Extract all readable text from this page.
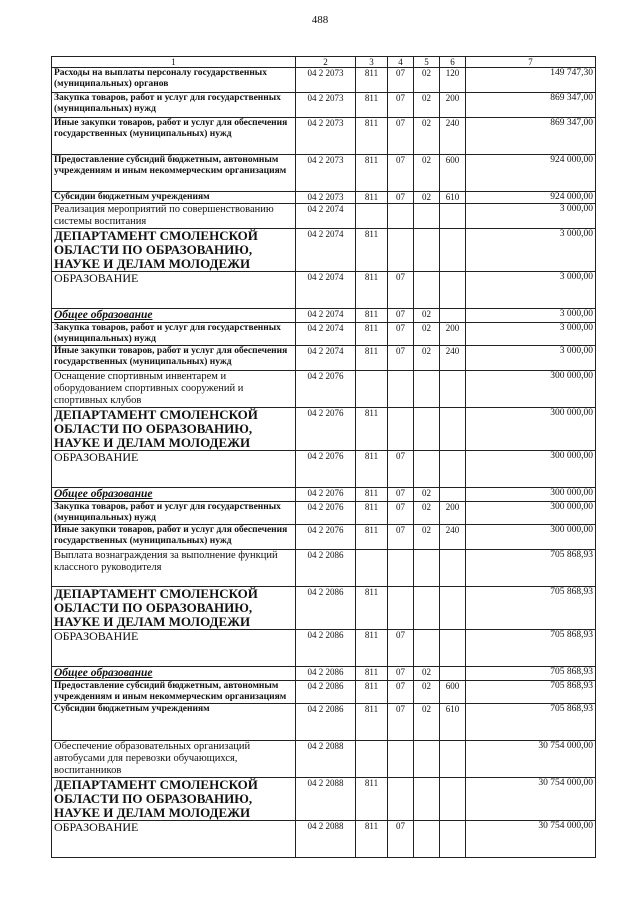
488
1	2	3	4	5	6	7
Расходы на выплаты персоналу государственных (муниципальных) органов	04 2 2073	811	07	02	120	149 747,30
Закупка товаров, работ и услуг для государственных (муниципальных) нужд	04 2 2073	811	07	02	200	869 347,00
Иные закупки товаров, работ и услуг для обеспечения государственных (муниципальных) нужд	04 2 2073	811	07	02	240	869 347,00
Предоставление субсидий бюджетным, автономным учреждениям и иным некоммерческим организациям	04 2 2073	811	07	02	600	924 000,00
Субсидии бюджетным учреждениям	04 2 2073	811	07	02	610	924 000,00
Реализация мероприятий по совершенствованию системы воспитания	04 2 2074					3 000,00
ДЕПАРТАМЕНТ СМОЛЕНСКОЙ ОБЛАСТИ ПО ОБРАЗОВАНИЮ, НАУКЕ И ДЕЛАМ МОЛОДЕЖИ	04 2 2074	811				3 000,00
ОБРАЗОВАНИЕ	04 2 2074	811	07			3 000,00
Общее образование	04 2 2074	811	07	02		3 000,00
Закупка товаров, работ и услуг для государственных (муниципальных) нужд	04 2 2074	811	07	02	200	3 000,00
Иные закупки товаров, работ и услуг для обеспечения государственных (муниципальных) нужд	04 2 2074	811	07	02	240	3 000,00
Оснащение спортивным инвентарем и оборудованием спортивных сооружений и спортивных клубов	04 2 2076					300 000,00
ДЕПАРТАМЕНТ СМОЛЕНСКОЙ ОБЛАСТИ ПО ОБРАЗОВАНИЮ, НАУКЕ И ДЕЛАМ МОЛОДЕЖИ	04 2 2076	811				300 000,00
ОБРАЗОВАНИЕ	04 2 2076	811	07			300 000,00
Общее образование	04 2 2076	811	07	02		300 000,00
Закупка товаров, работ и услуг для государственных (муниципальных) нужд	04 2 2076	811	07	02	200	300 000,00
Иные закупки товаров, работ и услуг для обеспечения государственных (муниципальных) нужд	04 2 2076	811	07	02	240	300 000,00
Выплата вознаграждения за выполнение функций классного руководителя	04 2 2086					705 868,93
ДЕПАРТАМЕНТ СМОЛЕНСКОЙ ОБЛАСТИ ПО ОБРАЗОВАНИЮ, НАУКЕ И ДЕЛАМ МОЛОДЕЖИ	04 2 2086	811				705 868,93
ОБРАЗОВАНИЕ	04 2 2086	811	07			705 868,93
Общее образование	04 2 2086	811	07	02		705 868,93
Предоставление субсидий бюджетным, автономным учреждениям и иным некоммерческим организациям	04 2 2086	811	07	02	600	705 868,93
Субсидии бюджетным учреждениям	04 2 2086	811	07	02	610	705 868,93
Обеспечение образовательных организаций автобусами для перевозки обучающихся, воспитанников	04 2 2088					30 754 000,00
ДЕПАРТАМЕНТ СМОЛЕНСКОЙ ОБЛАСТИ ПО ОБРАЗОВАНИЮ, НАУКЕ И ДЕЛАМ МОЛОДЕЖИ	04 2 2088	811				30 754 000,00
ОБРАЗОВАНИЕ	04 2 2088	811	07			30 754 000,00
